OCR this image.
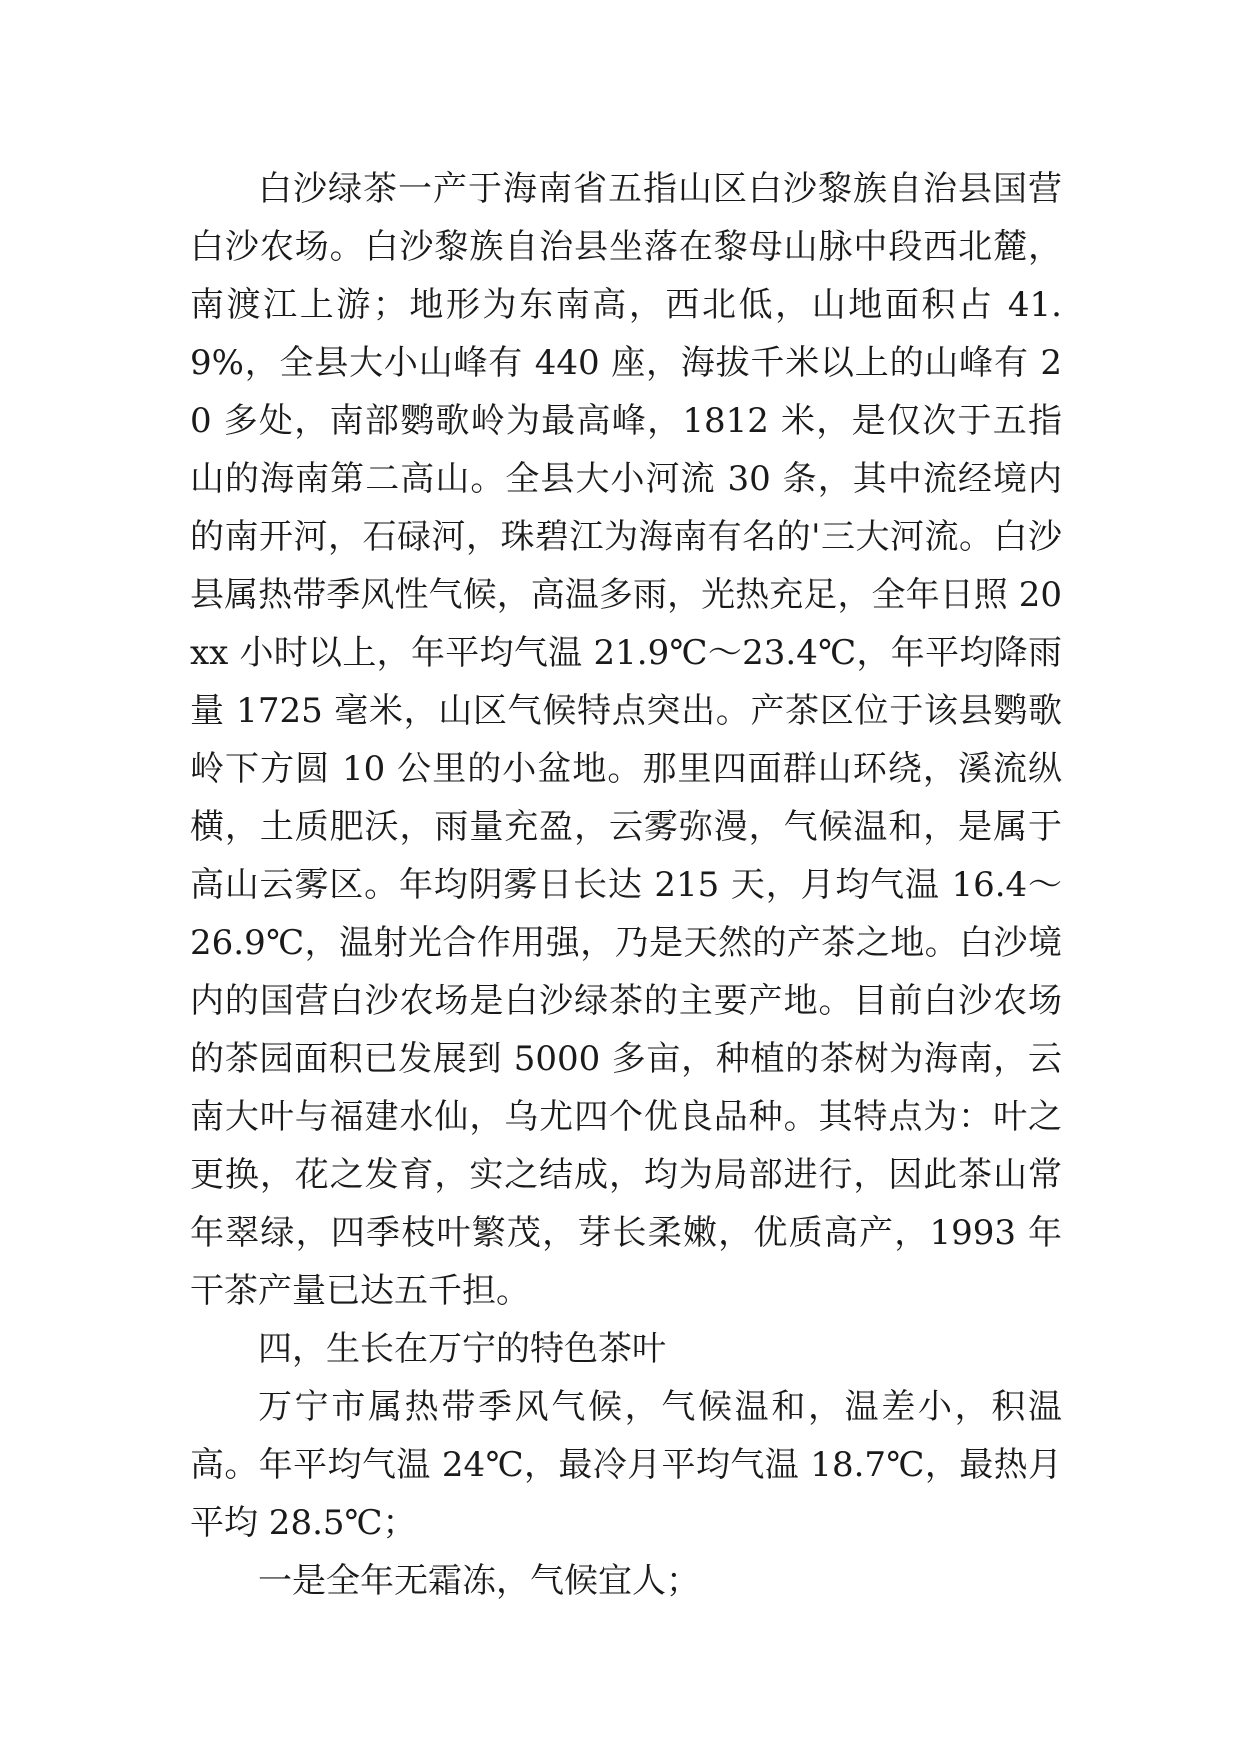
白沙绿茶一产于海南省五指山区白沙黎族自治县国营白沙农场。白沙黎族自治县坐落在黎母山脉中段西北麓，南渡江上游；地形为东南高，西北低，山地面积占 41.9%，全县大小山峰有 440 座，海拔千米以上的山峰有 20 多处，南部鹦歌岭为最高峰，1812 米，是仅次于五指山的海南第二高山。全县大小河流 30 条，其中流经境内的南开河，石碌河，珠碧江为海南有名的'三大河流。白沙县属热带季风性气候，高温多雨，光热充足，全年日照 20xx 小时以上，年平均气温 21.9℃～23.4℃，年平均降雨量 1725 毫米，山区气候特点突出。产茶区位于该县鹦歌岭下方圆 10 公里的小盆地。那里四面群山环绕，溪流纵横，土质肥沃，雨量充盈，云雾弥漫，气候温和，是属于高山云雾区。年均阴雾日长达 215 天，月均气温 16.4～26.9℃，温射光合作用强，乃是天然的产茶之地。白沙境内的国营白沙农场是白沙绿茶的主要产地。目前白沙农场的茶园面积已发展到 5000 多亩，种植的茶树为海南，云南大叶与福建水仙，乌尤四个优良品种。其特点为：叶之更换，花之发育，实之结成，均为局部进行，因此茶山常年翠绿，四季枝叶繁茂，芽长柔嫩，优质高产，1993 年干茶产量已达五千担。

四，生长在万宁的特色茶叶

万宁市属热带季风气候，气候温和，温差小，积温高。年平均气温 24℃，最冷月平均气温 18.7℃，最热月平均 28.5℃；

一是全年无霜冻，气候宜人；
